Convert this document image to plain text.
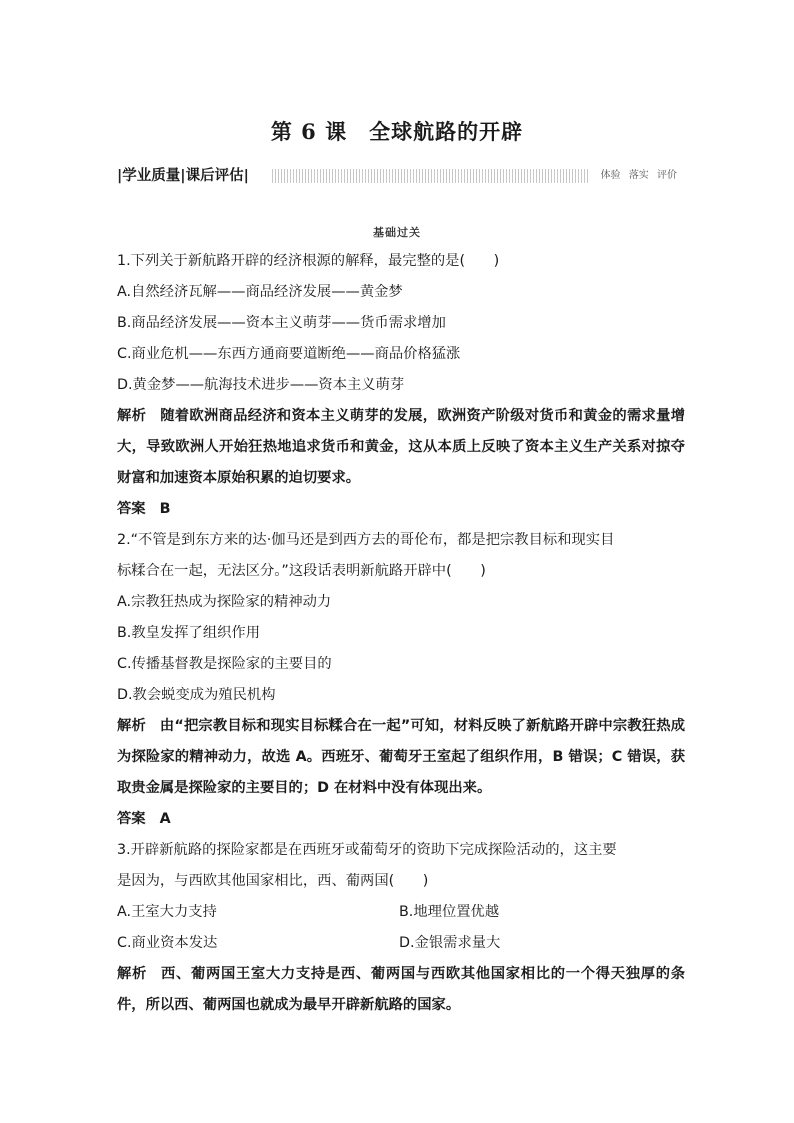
第 6 课　全球航路的开辟
|学业质量|课后评估|	体验 落实 评价
基础过关
1.下列关于新航路开辟的经济根源的解释，最完整的是(　　)
A.自然经济瓦解——商品经济发展——黄金梦
B.商品经济发展——资本主义萌芽——货币需求增加
C.商业危机——东西方通商要道断绝——商品价格猛涨
D.黄金梦——航海技术进步——资本主义萌芽
解析 随着欧洲商品经济和资本主义萌芽的发展，欧洲资产阶级对货币和黄金的需求量增大，导致欧洲人开始狂热地追求货币和黄金，这从本质上反映了资本主义生产关系对掠夺财富和加速资本原始积累的迫切要求。
答案 B
2.“不管是到东方来的达·伽马还是到西方去的哥伦布，都是把宗教目标和现实目
标糅合在一起，无法区分。”这段话表明新航路开辟中(　　)
A.宗教狂热成为探险家的精神动力
B.教皇发挥了组织作用
C.传播基督教是探险家的主要目的
D.教会蜕变成为殖民机构
解析 由“把宗教目标和现实目标糅合在一起”可知，材料反映了新航路开辟中宗教狂热成为探险家的精神动力，故选 A。西班牙、葡萄牙王室起了组织作用，B 错误；C 错误，获取贵金属是探险家的主要目的；D 在材料中没有体现出来。
答案 A
3.开辟新航路的探险家都是在西班牙或葡萄牙的资助下完成探险活动的，这主要
是因为，与西欧其他国家相比，西、葡两国(　　)
A.王室大力支持	B.地理位置优越
C.商业资本发达	D.金银需求量大
解析 西、葡两国王室大力支持是西、葡两国与西欧其他国家相比的一个得天独厚的条件，所以西、葡两国也就成为最早开辟新航路的国家。
